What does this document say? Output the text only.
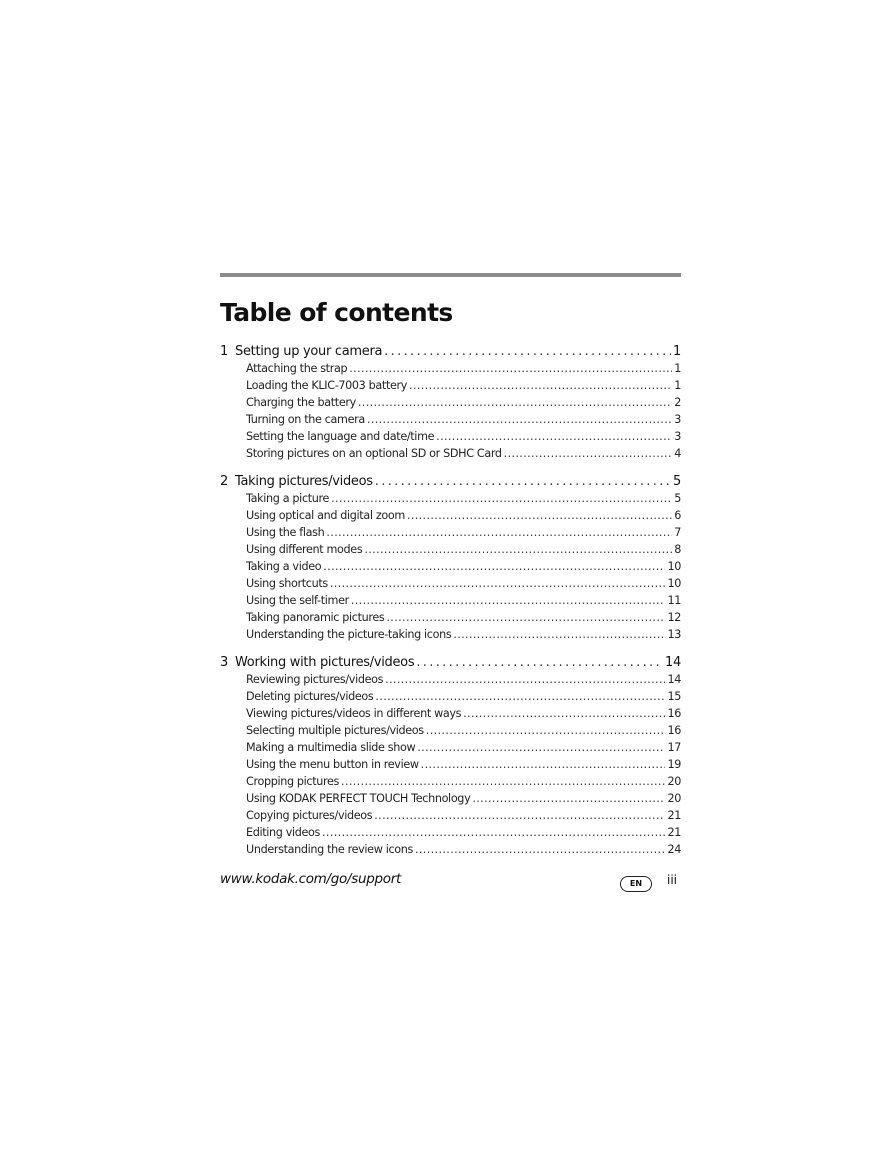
Table of contents
1 Setting up your camera . . .	1
Attaching the strap . . .	1
Loading the KLIC-7003 battery . . .	1
Charging the battery . . .	2
Turning on the camera . . .	3
Setting the language and date/time . . .	3
Storing pictures on an optional SD or SDHC Card . . .	4
2 Taking pictures/videos . . .	5
Taking a picture . . .	5
Using optical and digital zoom . . .	6
Using the flash . . .	7
Using different modes . . .	8
Taking a video . . .	10
Using shortcuts . . .	10
Using the self-timer . . .	11
Taking panoramic pictures . . .	12
Understanding the picture-taking icons . . .	13
3 Working with pictures/videos . . .	14
Reviewing pictures/videos . . .	14
Deleting pictures/videos . . .	15
Viewing pictures/videos in different ways . . .	16
Selecting multiple pictures/videos . . .	16
Making a multimedia slide show . . .	17
Using the menu button in review . . .	19
Cropping pictures . . .	20
Using KODAK PERFECT TOUCH Technology . . .	20
Copying pictures/videos . . .	21
Editing videos . . .	21
Understanding the review icons . . .	24
www.kodak.com/go/support	EN	iii
